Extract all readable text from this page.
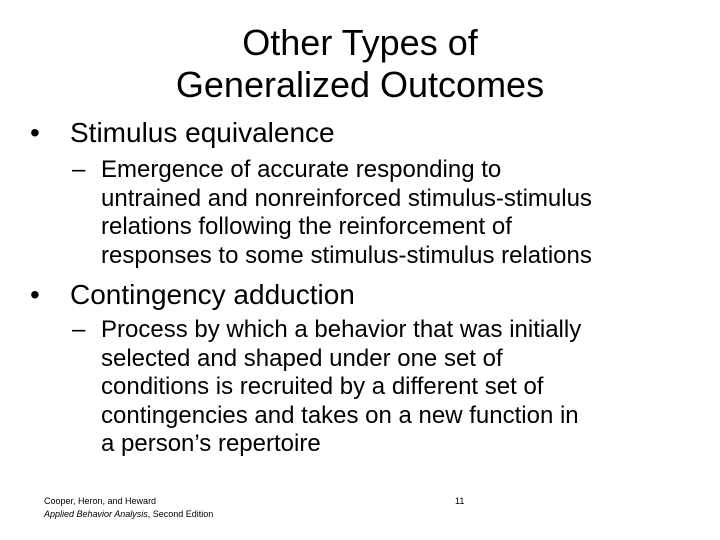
Other Types of
Generalized Outcomes
• Stimulus equivalence
– Emergence of accurate responding to
untrained and nonreinforced stimulus-stimulus
relations following the reinforcement of
responses to some stimulus-stimulus relations
• Contingency adduction
– Process by which a behavior that was initially
selected and shaped under one set of
conditions is recruited by a different set of
contingencies and takes on a new function in
a person’s repertoire
Cooper, Heron, and Heward
Applied Behavior Analysis, Second Edition
11
